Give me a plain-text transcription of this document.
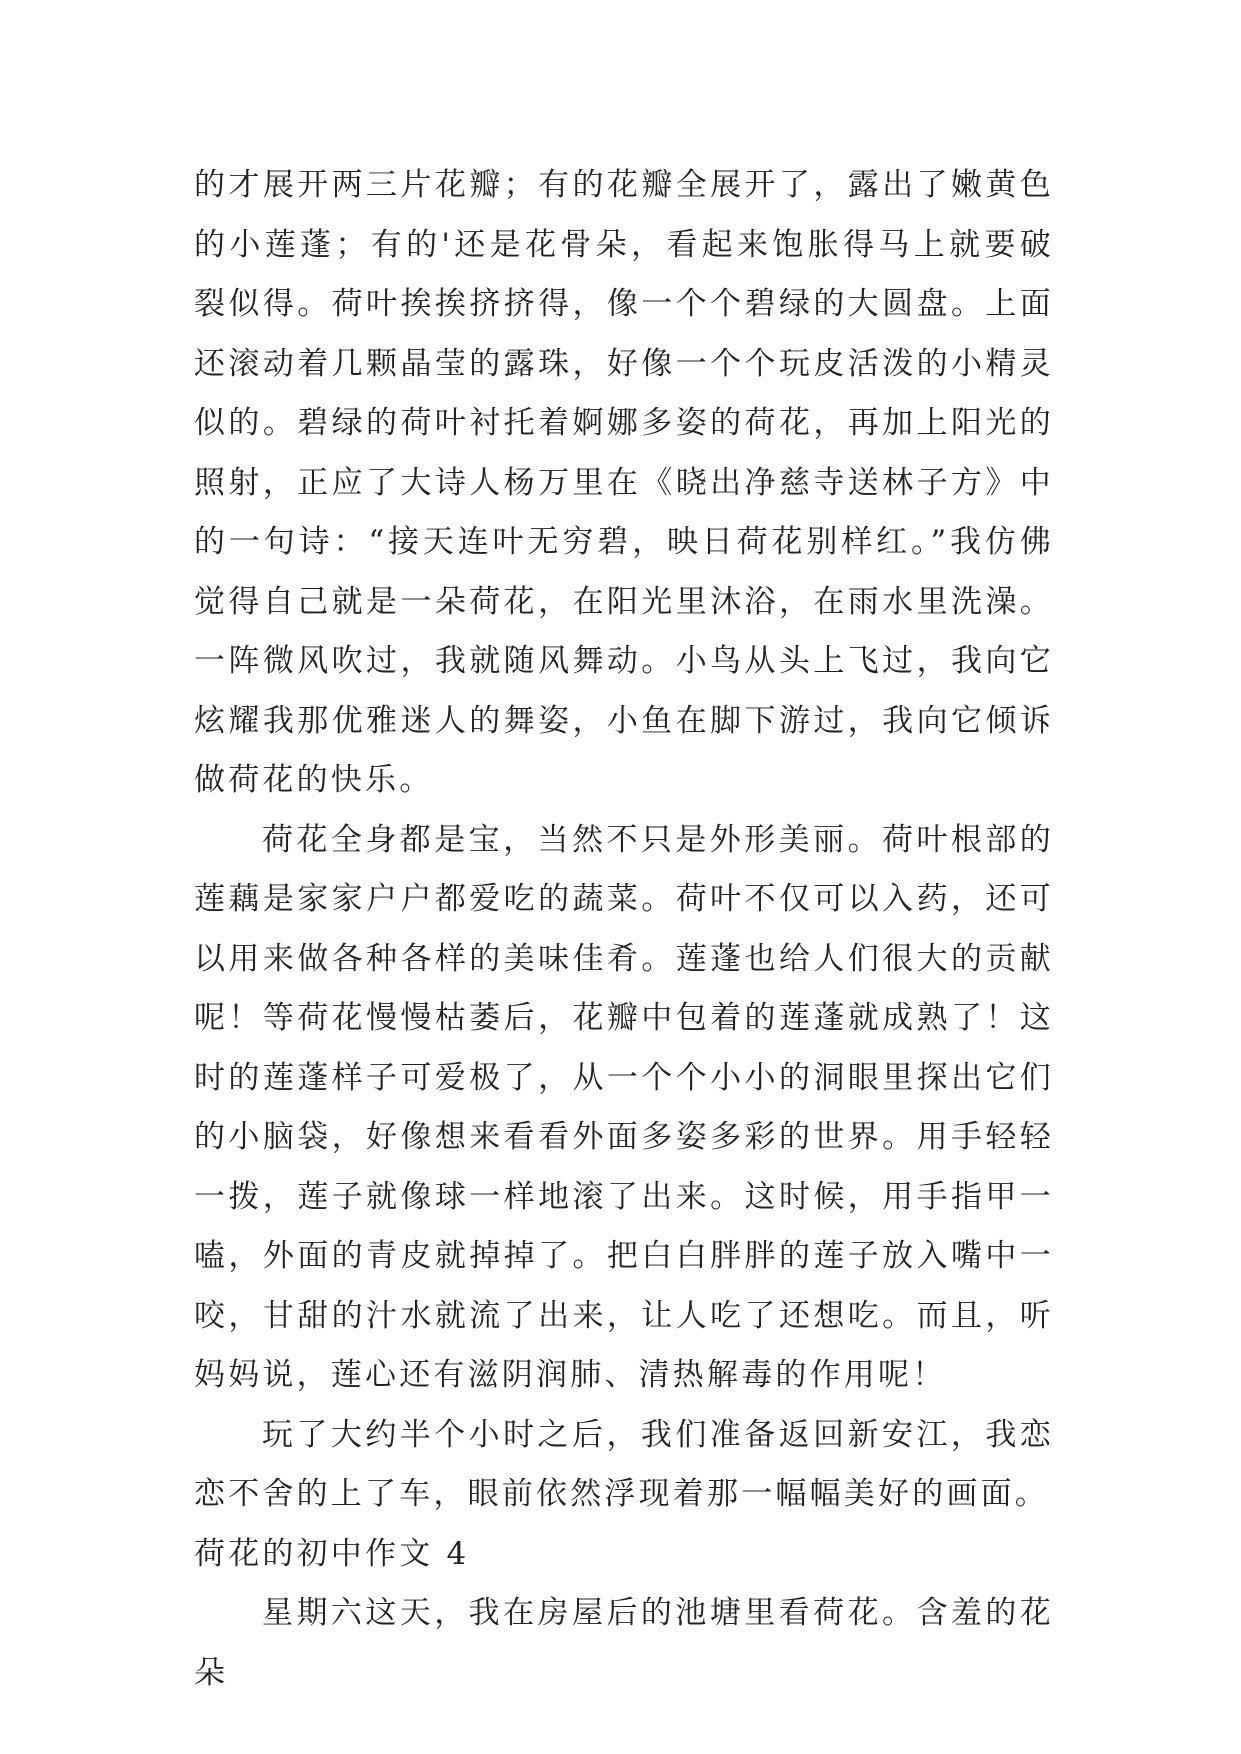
的才展开两三片花瓣；有的花瓣全展开了，露出了嫩黄色的小莲蓬；有的'还是花骨朵，看起来饱胀得马上就要破裂似得。荷叶挨挨挤挤得，像一个个碧绿的大圆盘。上面还滚动着几颗晶莹的露珠，好像一个个玩皮活泼的小精灵似的。碧绿的荷叶衬托着婀娜多姿的荷花，再加上阳光的照射，正应了大诗人杨万里在《晓出净慈寺送林子方》中的一句诗：“接天连叶无穷碧，映日荷花别样红。”我仿佛觉得自己就是一朵荷花，在阳光里沐浴，在雨水里洗澡。一阵微风吹过，我就随风舞动。小鸟从头上飞过，我向它炫耀我那优雅迷人的舞姿，小鱼在脚下游过，我向它倾诉做荷花的快乐。

荷花全身都是宝，当然不只是外形美丽。荷叶根部的莲藕是家家户户都爱吃的蔬菜。荷叶不仅可以入药，还可以用来做各种各样的美味佳肴。莲蓬也给人们很大的贡献呢！等荷花慢慢枯萎后，花瓣中包着的莲蓬就成熟了！这时的莲蓬样子可爱极了，从一个个小小的洞眼里探出它们的小脑袋，好像想来看看外面多姿多彩的世界。用手轻轻一拨，莲子就像球一样地滚了出来。这时候，用手指甲一嗑，外面的青皮就掉掉了。把白白胖胖的莲子放入嘴中一咬，甘甜的汁水就流了出来，让人吃了还想吃。而且，听妈妈说，莲心还有滋阴润肺、清热解毒的作用呢！

玩了大约半个小时之后，我们准备返回新安江，我恋恋不舍的上了车，眼前依然浮现着那一幅幅美好的画面。

荷花的初中作文 4

星期六这天，我在房屋后的池塘里看荷花。含羞的花朵
